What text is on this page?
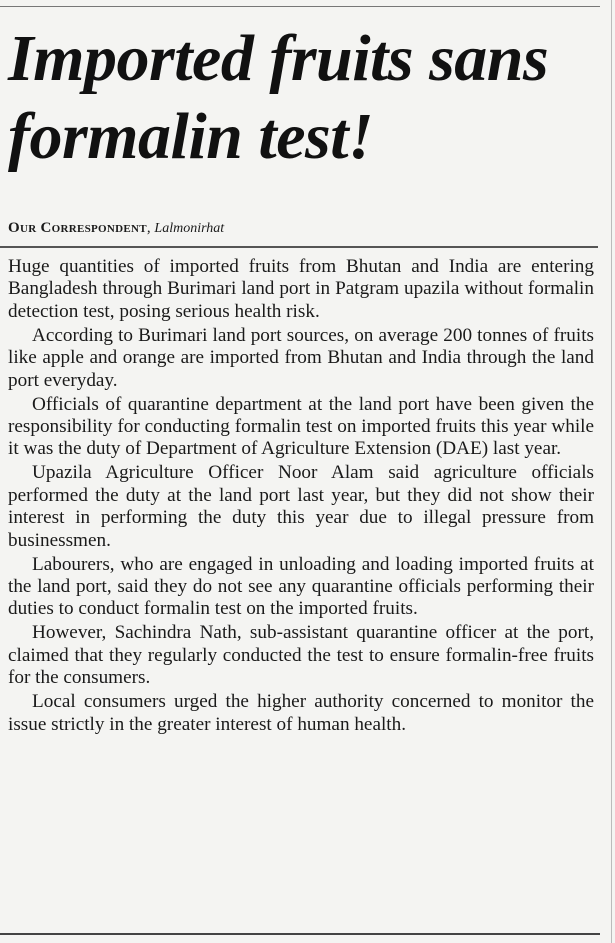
Imported fruits sans formalin test!

Our Correspondent, Lalmonirhat

Huge quantities of imported fruits from Bhutan and India are entering Bangladesh through Burimari land port in Patgram upazila without formalin detection test, posing serious health risk.

According to Burimari land port sources, on average 200 tonnes of fruits like apple and orange are imported from Bhutan and India through the land port everyday.

Officials of quarantine department at the land port have been given the responsibility for conducting formalin test on imported fruits this year while it was the duty of Department of Agriculture Extension (DAE) last year.

Upazila Agriculture Officer Noor Alam said agriculture officials performed the duty at the land port last year, but they did not show their interest in performing the duty this year due to illegal pressure from businessmen.

Labourers, who are engaged in unloading and loading imported fruits at the land port, said they do not see any quarantine officials performing their duties to conduct formalin test on the imported fruits.

However, Sachindra Nath, sub-assistant quarantine officer at the port, claimed that they regularly conducted the test to ensure formalin-free fruits for the consumers.

Local consumers urged the higher authority concerned to monitor the issue strictly in the greater interest of human health.
